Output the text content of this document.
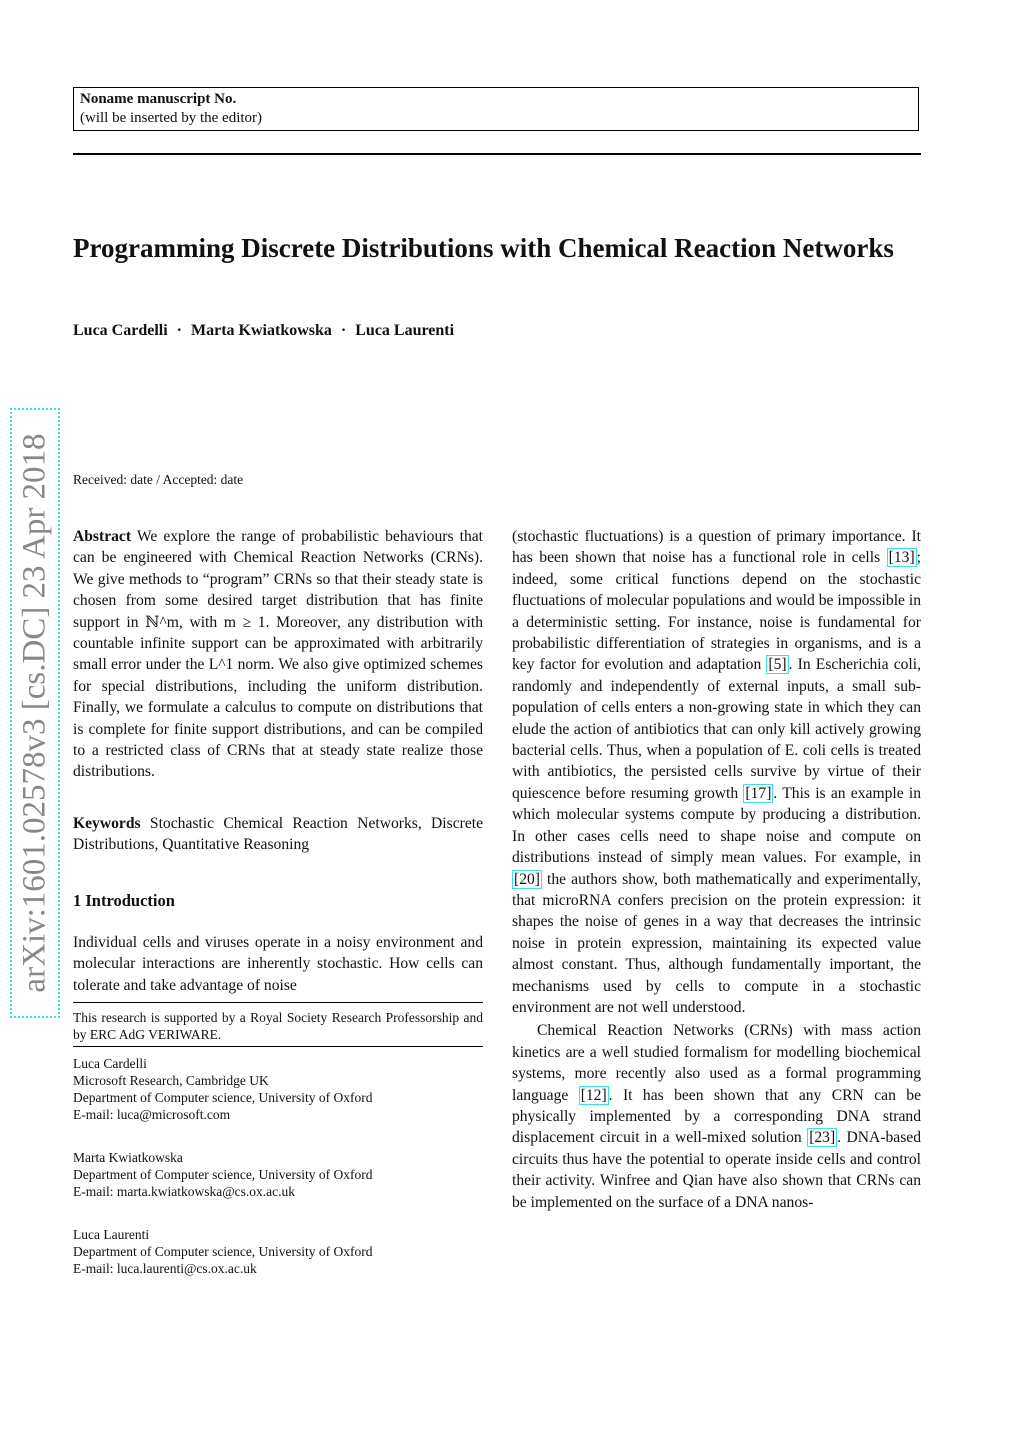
Noname manuscript No.
(will be inserted by the editor)
Programming Discrete Distributions with Chemical Reaction Networks
Luca Cardelli · Marta Kwiatkowska · Luca Laurenti
arXiv:1601.02578v3 [cs.DC] 23 Apr 2018 Received: date / Accepted: date

Abstract We explore the range of probabilistic behaviours that can be engineered with Chemical Reaction Networks (CRNs). We give methods to “program” CRNs so that their steady state is chosen from some desired target distribution that has finite support in ℕ^m, with m ≥ 1. Moreover, any distribution with countable infinite support can be approximated with arbitrarily small error under the L^1 norm. We also give optimized schemes for special distributions, including the uniform distribution. Finally, we formulate a calculus to compute on distributions that is complete for finite support distributions, and can be compiled to a restricted class of CRNs that at steady state realize those distributions.

Keywords Stochastic Chemical Reaction Networks, Discrete Distributions, Quantitative Reasoning

1 Introduction

Individual cells and viruses operate in a noisy environment and molecular interactions are inherently stochastic. How cells can tolerate and take advantage of noise

This research is supported by a Royal Society Research Professorship and by ERC AdG VERIWARE.

Luca Cardelli
Microsoft Research, Cambridge UK
Department of Computer science, University of Oxford
E-mail: luca@microsoft.com
Marta Kwiatkowska
Department of Computer science, University of Oxford
E-mail: marta.kwiatkowska@cs.ox.ac.uk
Luca Laurenti
Department of Computer science, University of Oxford
E-mail: luca.laurenti@cs.ox.ac.uk

(stochastic fluctuations) is a question of primary importance. It has been shown that noise has a functional role in cells [13] ; indeed, some critical functions depend on the stochastic fluctuations of molecular populations and would be impossible in a deterministic setting. For instance, noise is fundamental for probabilistic differentiation of strategies in organisms, and is a key factor for evolution and adaptation [5] . In Escherichia coli, randomly and independently of external inputs, a small sub-population of cells enters a non-growing state in which they can elude the action of antibiotics that can only kill actively growing bacterial cells. Thus, when a population of E. coli cells is treated with antibiotics, the persisted cells survive by virtue of their quiescence before resuming growth [17] . This is an example in which molecular systems compute by producing a distribution. In other cases cells need to shape noise and compute on distributions instead of simply mean values. For example, in [20] the authors show, both mathematically and experimentally, that microRNA confers precision on the protein expression: it shapes the noise of genes in a way that decreases the intrinsic noise in protein expression, maintaining its expected value almost constant. Thus, although fundamentally important, the mechanisms used by cells to compute in a stochastic environment are not well understood.

Chemical Reaction Networks (CRNs) with mass action kinetics are a well studied formalism for modelling biochemical systems, more recently also used as a formal programming language [12] . It has been shown that any CRN can be physically implemented by a corresponding DNA strand displacement circuit in a well-mixed solution [23] . DNA-based circuits thus have the potential to operate inside cells and control their activity. Winfree and Qian have also shown that CRNs can be implemented on the surface of a DNA nanos-
